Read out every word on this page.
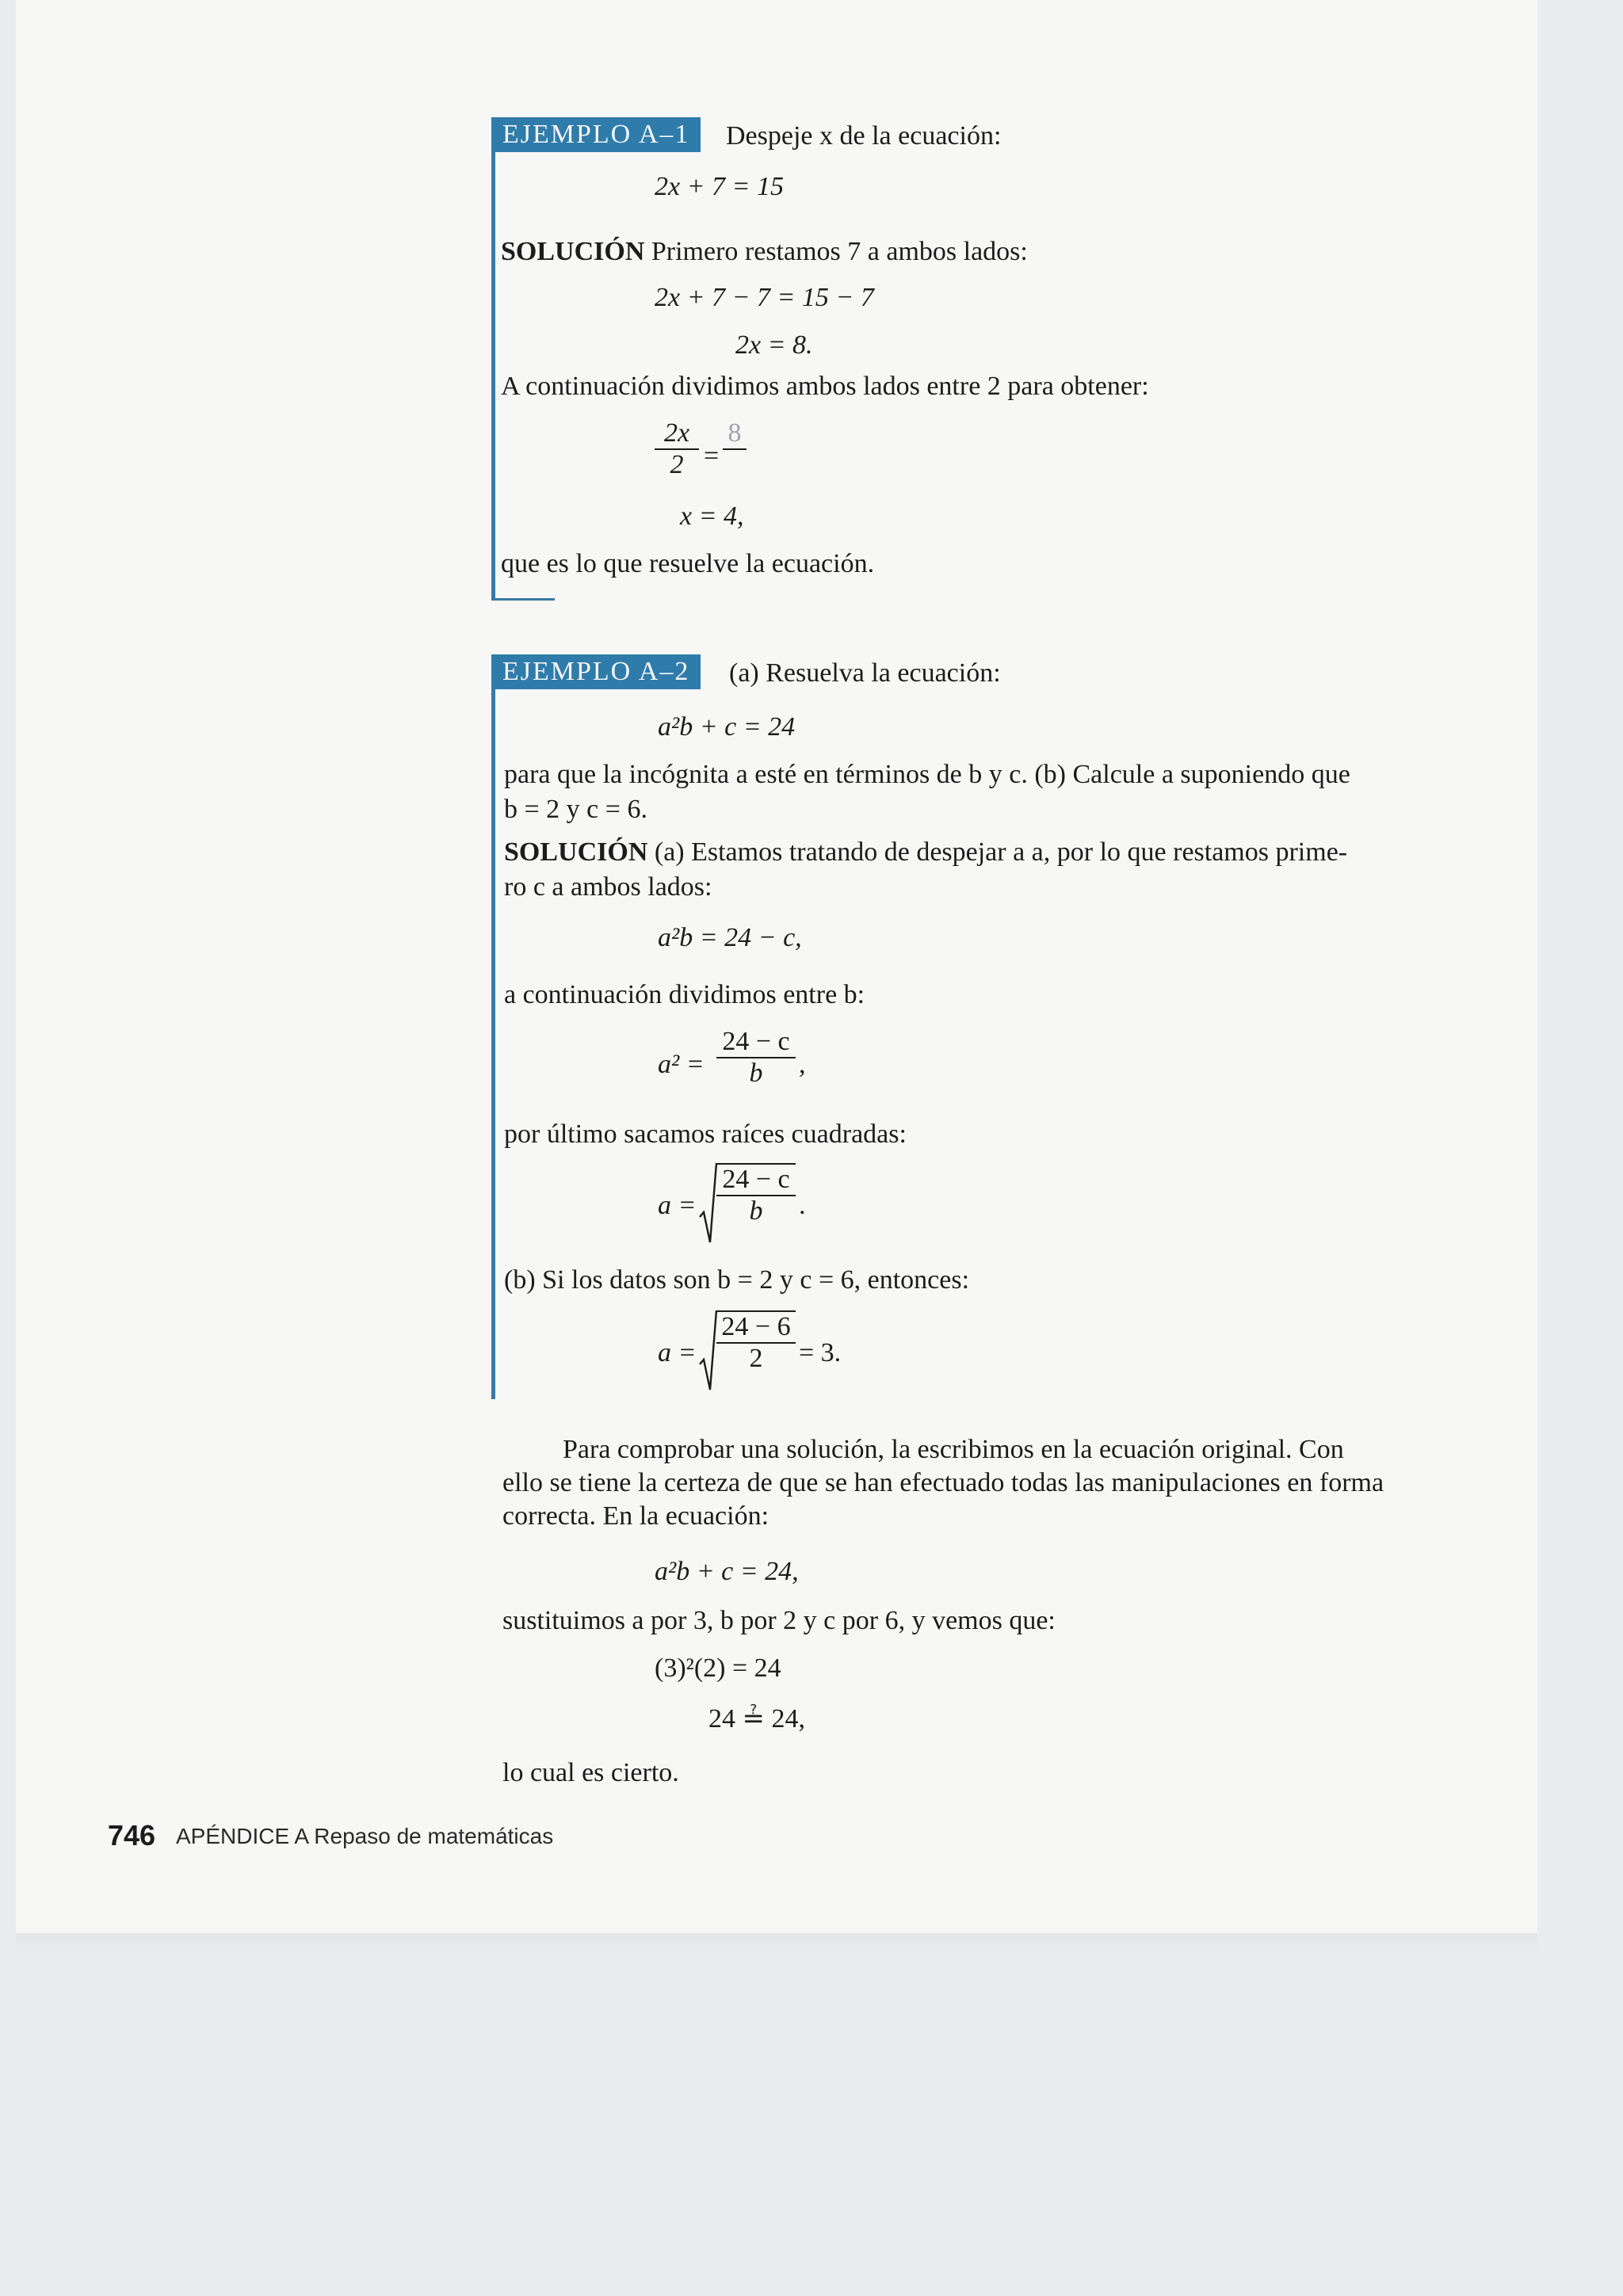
EJEMPLO A–1	Despeje x de la ecuación:
2x + 7 = 15
SOLUCIÓN Primero restamos 7 a ambos lados:
2x + 7 − 7 = 15 − 7
2x = 8.
A continuación dividimos ambos lados entre 2 para obtener:
2x
2 =
8
x = 4,
que es lo que resuelve la ecuación.
EJEMPLO A–2	(a) Resuelva la ecuación:
a²b + c = 24
para que la incógnita a esté en términos de b y c. (b) Calcule a suponiendo que
b = 2 y c = 6.
SOLUCIÓN (a) Estamos tratando de despejar a a, por lo que restamos prime-
ro c a ambos lados:
a²b = 24 − c,
a continuación dividimos entre b:
a² =
24 − c
b	,
por último sacamos raíces cuadradas:
a =
24 − c
b	.
(b) Si los datos son b = 2 y c = 6, entonces:
a =
24 − 6
2	= 3.
Para comprobar una solución, la escribimos en la ecuación original. Con
ello se tiene la certeza de que se han efectuado todas las manipulaciones en forma
correcta. En la ecuación:
a²b + c = 24,
sustituimos a por 3, b por 2 y c por 6, y vemos que:
(3)²(2) = 24
24 ≟ 24,
lo cual es cierto.
746 APÉNDICE A Repaso de matemáticas
